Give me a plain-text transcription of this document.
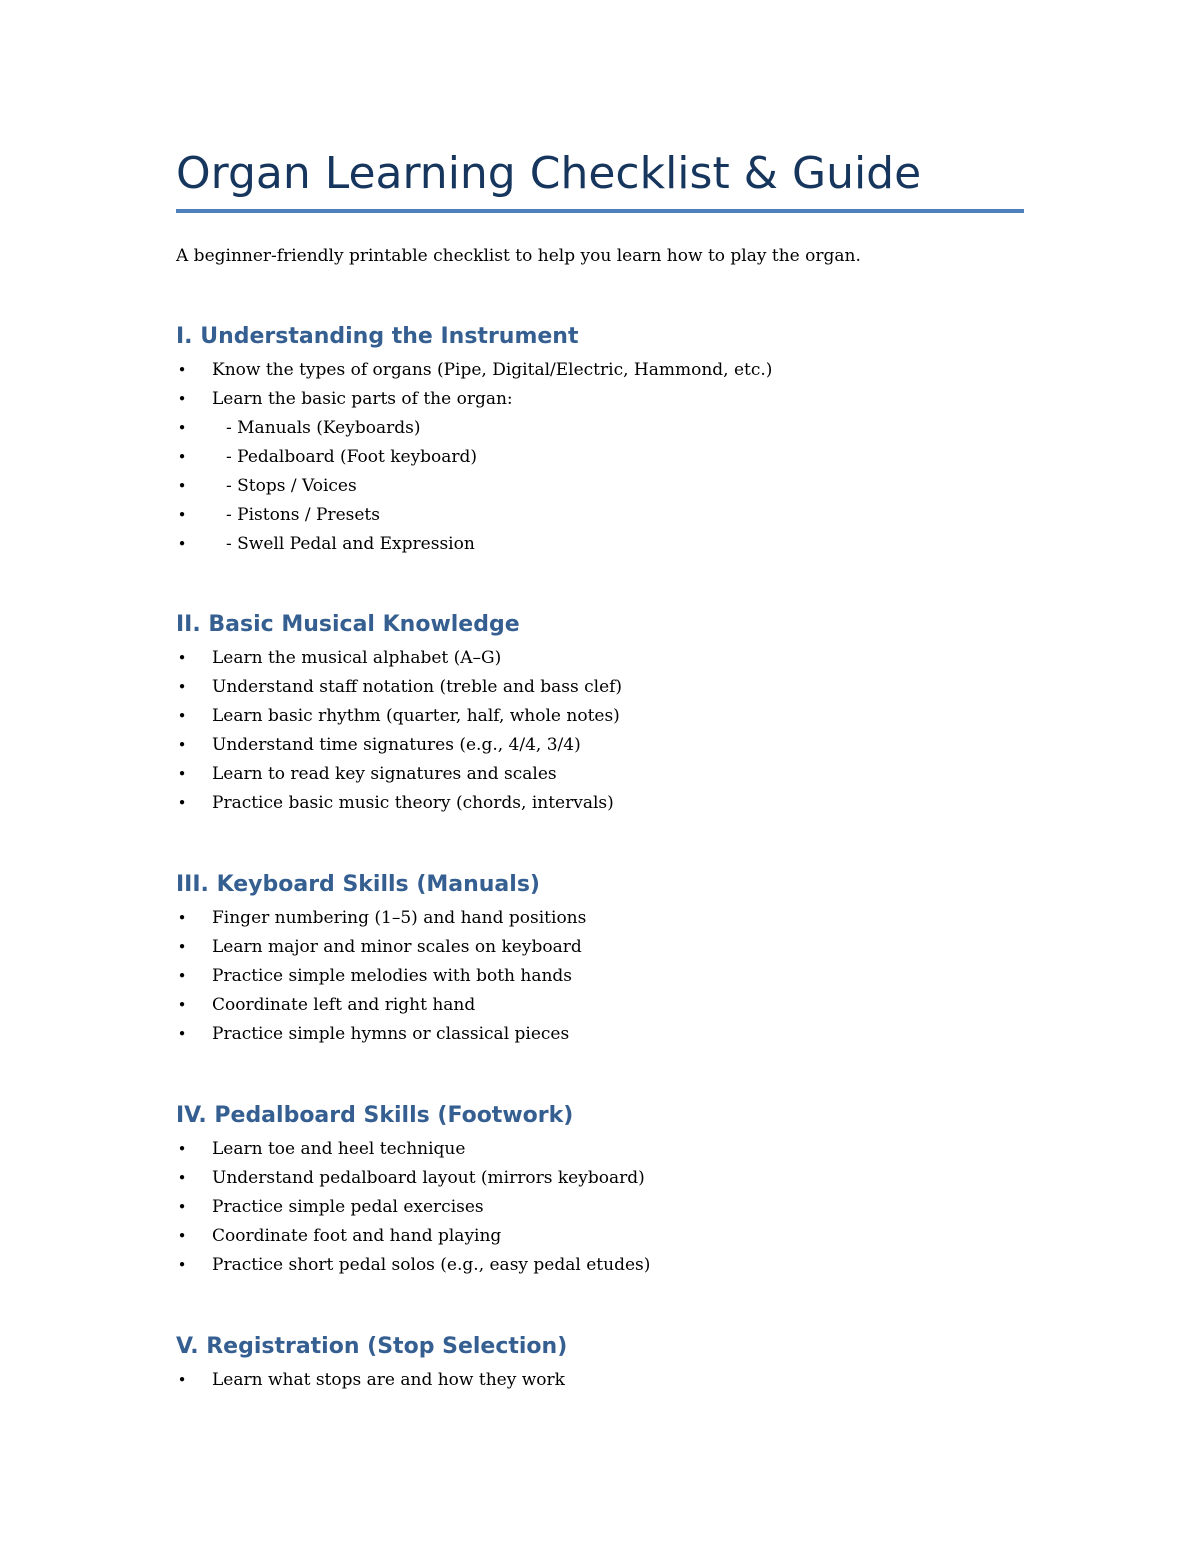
Organ Learning Checklist & Guide

A beginner-friendly printable checklist to help you learn how to play the organ.

I. Understanding the Instrument
• Know the types of organs (Pipe, Digital/Electric, Hammond, etc.)
• Learn the basic parts of the organ:
• - Manuals (Keyboards)
• - Pedalboard (Foot keyboard)
• - Stops / Voices
• - Pistons / Presets
• - Swell Pedal and Expression
II. Basic Musical Knowledge
• Learn the musical alphabet (A–G)
• Understand staff notation (treble and bass clef)
• Learn basic rhythm (quarter, half, whole notes)
• Understand time signatures (e.g., 4/4, 3/4)
• Learn to read key signatures and scales
• Practice basic music theory (chords, intervals)
III. Keyboard Skills (Manuals)
• Finger numbering (1–5) and hand positions
• Learn major and minor scales on keyboard
• Practice simple melodies with both hands
• Coordinate left and right hand
• Practice simple hymns or classical pieces
IV. Pedalboard Skills (Footwork)
• Learn toe and heel technique
• Understand pedalboard layout (mirrors keyboard)
• Practice simple pedal exercises
• Coordinate foot and hand playing
• Practice short pedal solos (e.g., easy pedal etudes)
V. Registration (Stop Selection)
• Learn what stops are and how they work
